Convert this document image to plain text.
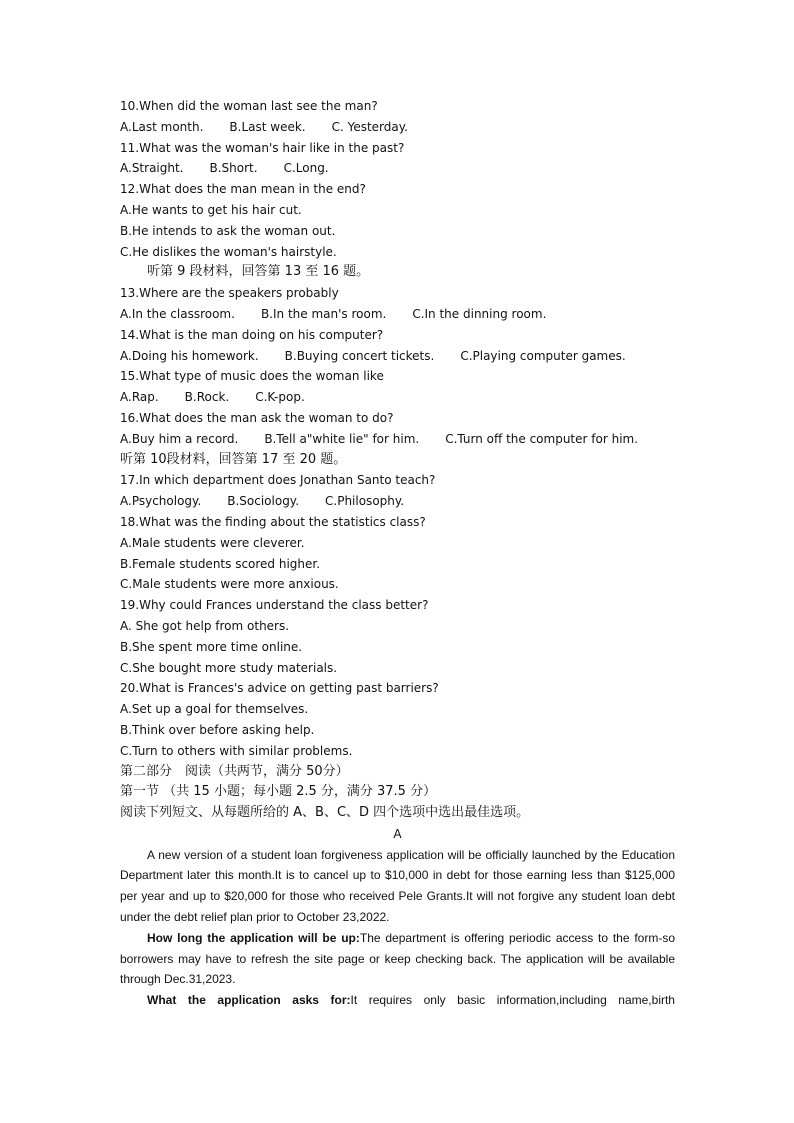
10.When did the woman last see the man?
A.Last month. B.Last week. C. Yesterday.
11.What was the woman's hair like in the past?
A.Straight. B.Short. C.Long.
12.What does the man mean in the end?
A.He wants to get his hair cut.
B.He intends to ask the woman out.
C.He dislikes the woman's hairstyle.
听第 9 段材料，回答第 13 至 16 题。
13.Where are the speakers probably
A.In the classroom. B.In the man's room. C.In the dinning room.
14.What is the man doing on his computer?
A.Doing his homework. B.Buying concert tickets. C.Playing computer games.
15.What type of music does the woman like
A.Rap. B.Rock. C.K-pop.
16.What does the man ask the woman to do?
A.Buy him a record. B.Tell a"white lie" for him. C.Turn off the computer for him.
听第 10段材料，回答第 17 至 20 题。
17.In which department does Jonathan Santo teach?
A.Psychology. B.Sociology. C.Philosophy.
18.What was the finding about the statistics class?
A.Male students were cleverer.
B.Female students scored higher.
C.Male students were more anxious.
19.Why could Frances understand the class better?
A. She got help from others.
B.She spent more time online.
C.She bought more study materials.
20.What is Frances's advice on getting past barriers?
A.Set up a goal for themselves.
B.Think over before asking help.
C.Turn to others with similar problems.
第二部分　阅读（共两节，满分 50分）
第一节 （共 15 小题；每小题 2.5 分，满分 37.5 分）
阅读下列短文、从每题所给的 A、B、C、D 四个选项中选出最佳选项。
A
A new version of a student loan forgiveness application will be officially launched by the Education Department later this month.It is to cancel up to $10,000 in debt for those earning less than $125,000 per year and up to $20,000 for those who received Pele Grants.It will not forgive any student loan debt under the debt relief plan prior to October 23,2022.
How long the application will be up:The department is offering periodic access to the form-so borrowers may have to refresh the site page or keep checking back. The application will be available through Dec.31,2023.
What the application asks for:It requires only basic information,including name,birth
